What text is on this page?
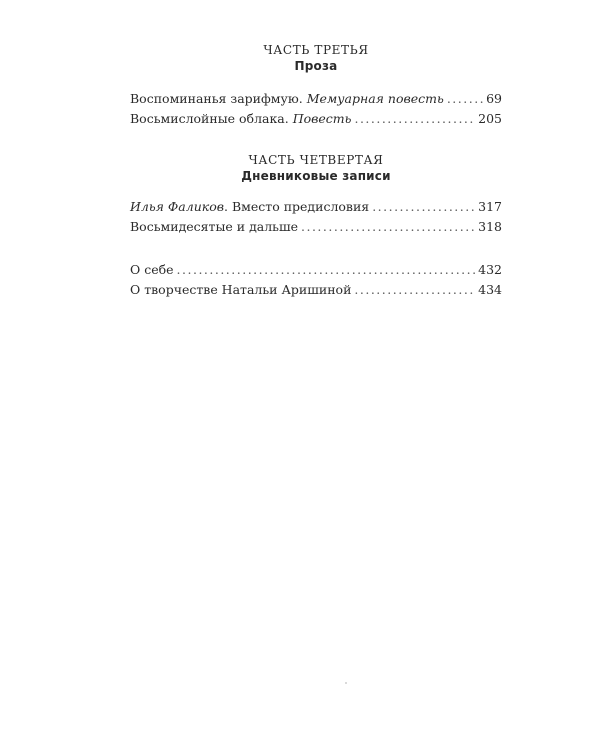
ЧАСТЬ ТРЕТЬЯ
Проза
Воспоминанья зарифмую. Мемуарная повесть .....	69
Восьмислойные облака. Повесть .....	205
ЧАСТЬ ЧЕТВЕРТАЯ
Дневниковые записи
Илья Фаликов. Вместо предисловия .....	317
Восьмидесятые и дальше .....	318
О себе .....	432
О творчестве Натальи Аришиной .....	434
